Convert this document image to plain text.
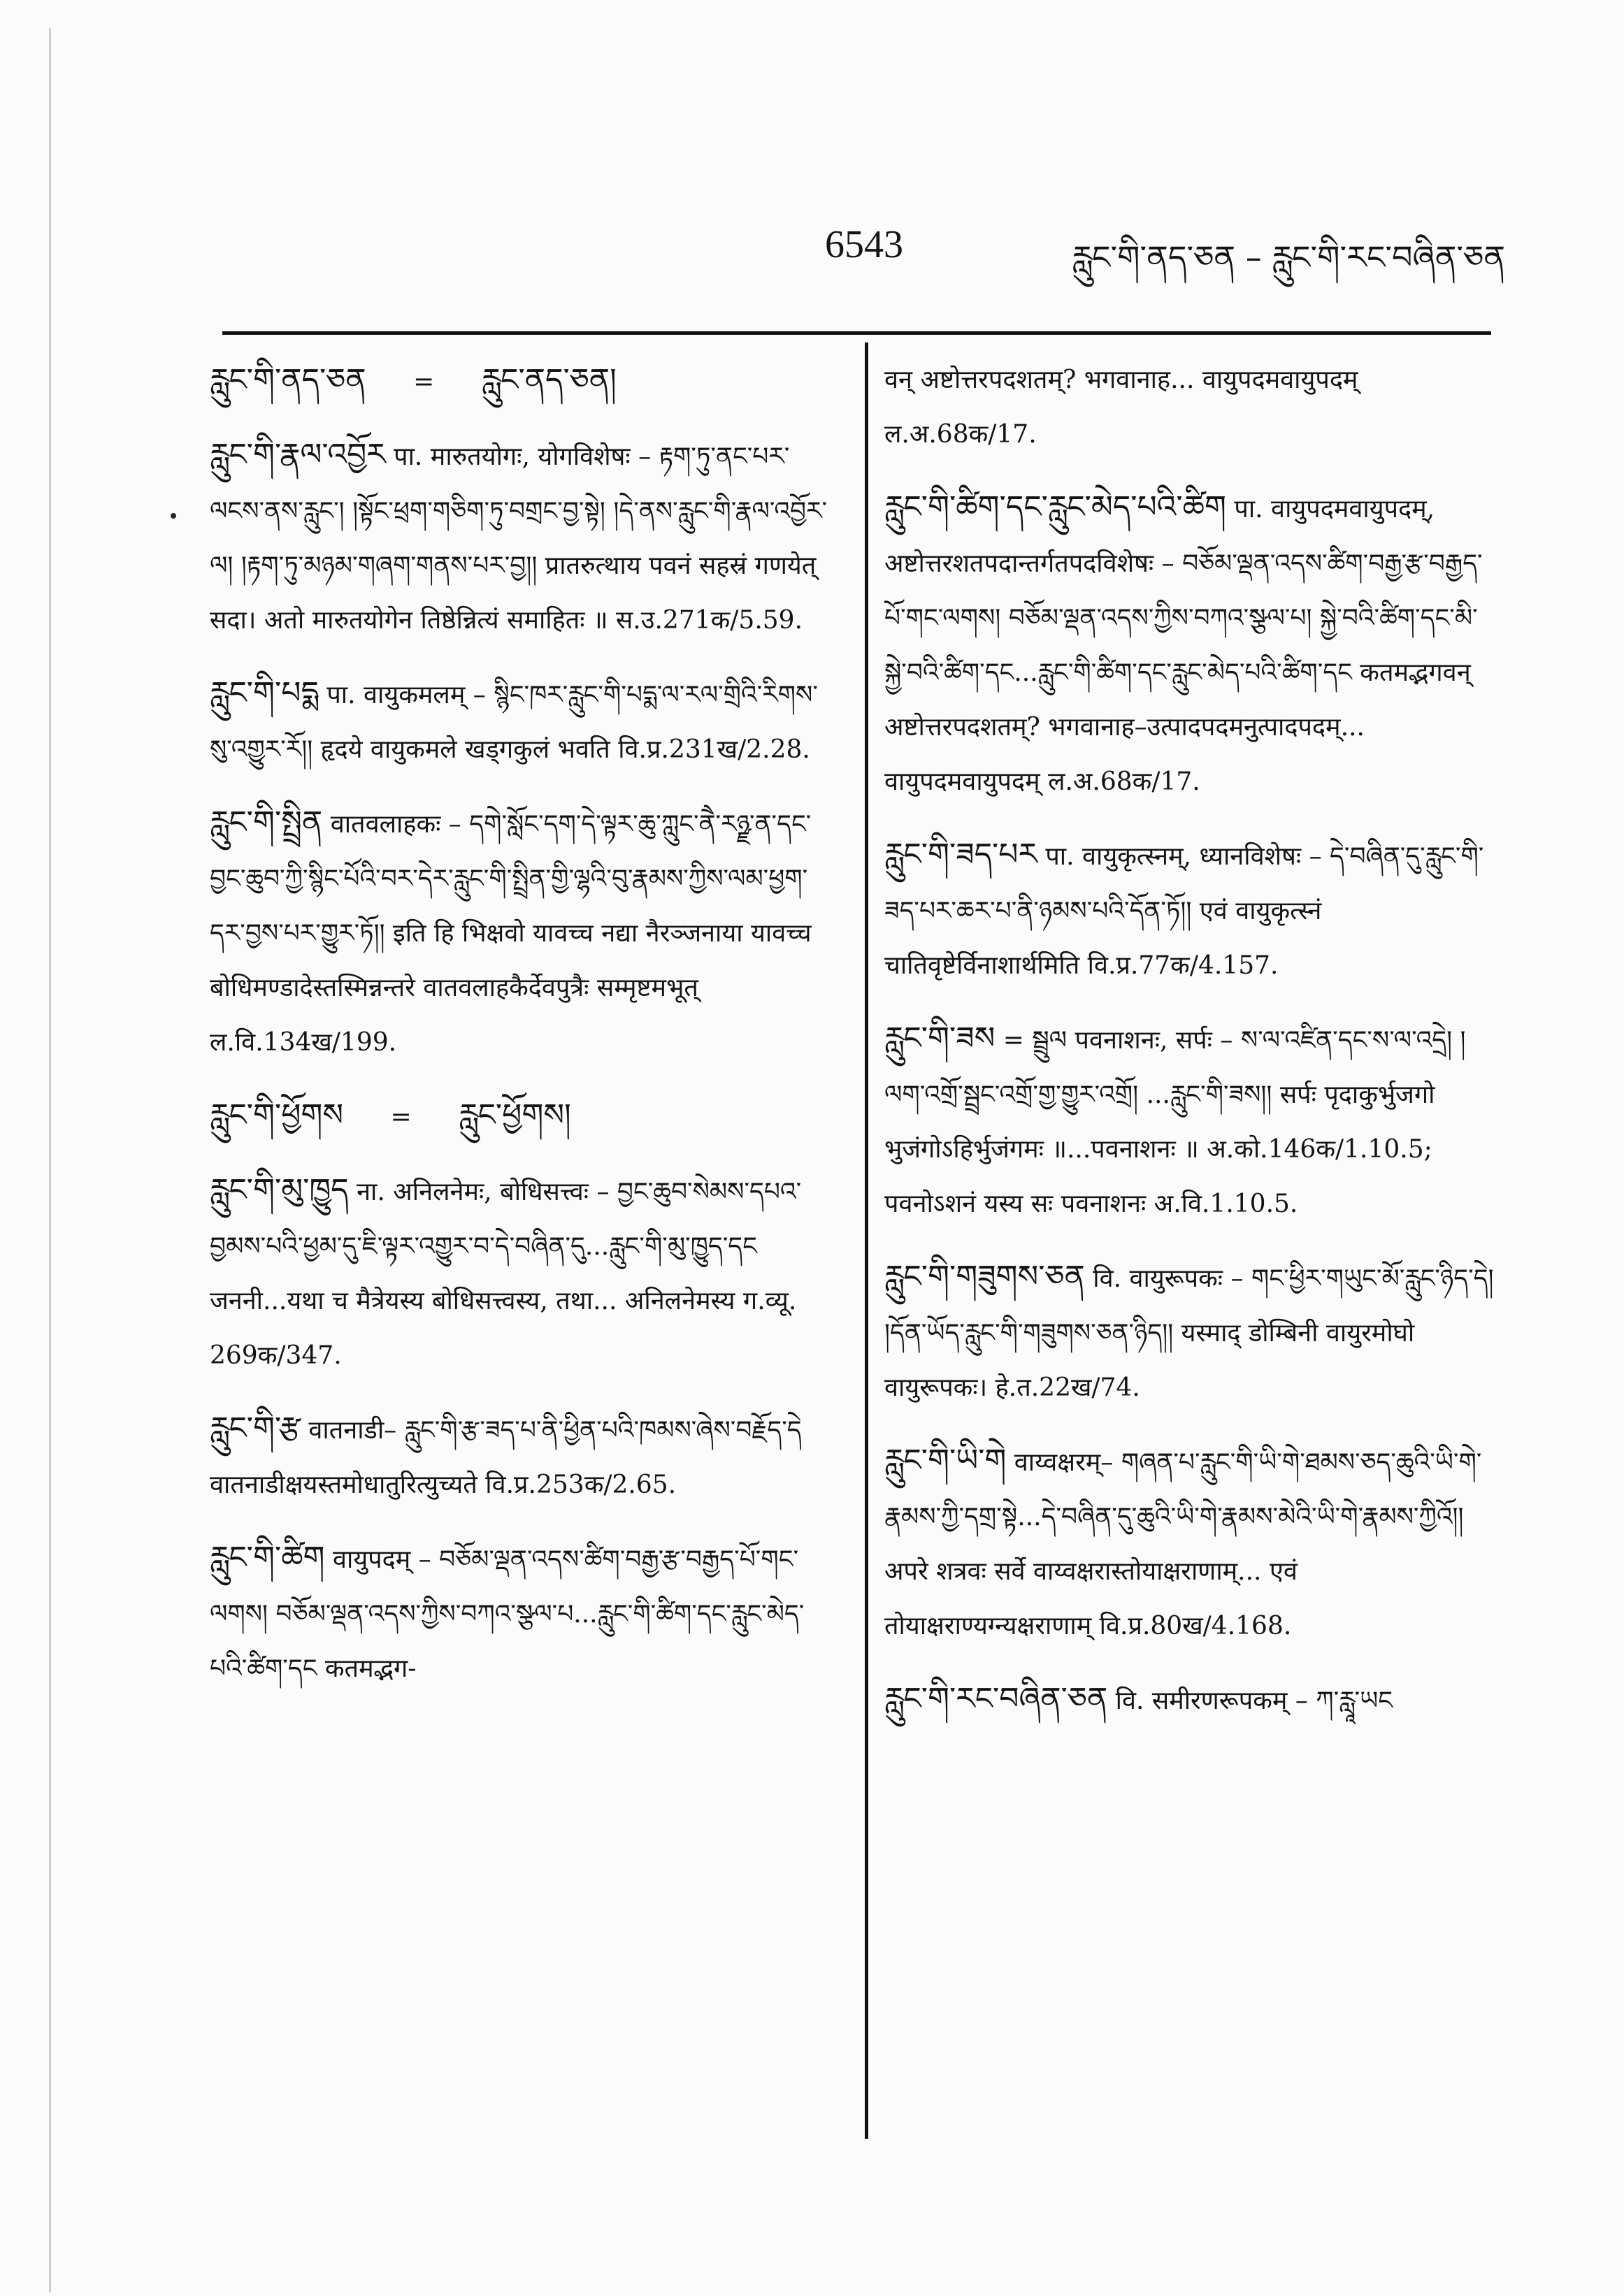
6543	རླུང་གི་ནད་ཅན – རླུང་གི་རང་བཞིན་ཅན
རླུང་གི་ནད་ཅན = རླུང་ནད་ཅན།

རླུང་གི་རྣལ་འབྱོར पा. मारुतयोगः, योगविशेषः – རྟག་ཏུ་ནང་པར་ལངས་ནས་རླུང་། །སྟོང་ཕྲག་གཅིག་ཏུ་བགྲང་བྱ་སྟེ། །དེ་ནས་རླུང་གི་རྣལ་འབྱོར་ལ། །རྟག་ཏུ་མཉམ་གཞག་གནས་པར་བྱ།། प्रातरुत्थाय पवनं सहस्रं गणयेत् सदा। अतो मारुतयोगेन तिष्ठेन्नित्यं समाहितः ॥ स.उ.271क/5.59.

རླུང་གི་པདྨ पा. वायुकमलम् – སྙིང་ཁར་རླུང་གི་པདྨ་ལ་རལ་གྲིའི་རིགས་སུ་འགྱུར་རོ།། हृदये वायुकमले खड्गकुलं भवति वि.प्र.231ख/2.28.

རླུང་གི་སྤྲིན वातवलाहकः – དགེ་སློང་དག་དེ་ལྟར་ཆུ་ཀླུང་ནཻ་རཉྫ་ན་དང་བྱང་ཆུབ་ཀྱི་སྙིང་པོའི་བར་དེར་རླུང་གི་སྤྲིན་གྱི་ལྷའི་བུ་རྣམས་ཀྱིས་ལམ་ཕྱག་དར་བྱས་པར་གྱུར་ཏོ།། इति हि भिक्षवो यावच्च नद्या नैरञ्जनाया यावच्च बोधिमण्डादेस्तस्मिन्नन्तरे वातवलाहकैर्देवपुत्रैः सम्मृष्टमभूत् ल.वि.134ख/199.

རླུང་གི་ཕྱོགས = རླུང་ཕྱོགས།

རླུང་གི་མུ་ཁྱུད ना. अनिलनेमः, बोधिसत्त्वः – བྱང་ཆུབ་སེམས་དཔའ་བྱམས་པའི་ཕྱམ་དུ་ཇི་ལྟར་འགྱུར་བ་དེ་བཞིན་དུ...རླུང་གི་མུ་ཁྱུད་དང जननी...यथा च मैत्रेयस्य बोधिसत्त्वस्य, तथा... अनिलनेमस्य ग.व्यू. 269क/347.

རླུང་གི་རྩ वातनाडी– རླུང་གི་རྩ་ཟད་པ་ནི་ཕྱིན་པའི་ཁམས་ཞེས་བརྗོད་དེ वातनाडीक्षयस्तमोधातुरित्युच्यते वि.प्र.253क/2.65.

རླུང་གི་ཚིག वायुपदम् – བཅོམ་ལྡན་འདས་ཚིག་བརྒྱ་རྩ་བརྒྱད་པོ་གང་ལགས། བཅོམ་ལྡན་འདས་ཀྱིས་བཀའ་སྩལ་པ...རླུང་གི་ཚིག་དང་རླུང་མེད་པའི་ཚིག་དང कतमद्भग-

वन् अष्टोत्तरपदशतम्? भगवानाह... वायुपदमवायुपदम् ल.अ.68क/17.

རླུང་གི་ཚིག་དང་རླུང་མེད་པའི་ཚིག पा. वायुपदमवायुपदम्, अष्टोत्तरशतपदान्तर्गतपदविशेषः – བཅོམ་ལྡན་འདས་ཚིག་བརྒྱ་རྩ་བརྒྱད་པོ་གང་ལགས། བཅོམ་ལྡན་འདས་ཀྱིས་བཀའ་སྩལ་པ། སྐྱེ་བའི་ཚིག་དང་མི་སྐྱེ་བའི་ཚིག་དང...རླུང་གི་ཚིག་དང་རླུང་མེད་པའི་ཚིག་དང कतमद्भगवन् अष्टोत्तरपदशतम्? भगवानाह–उत्पादपदमनुत्पादपदम्... वायुपदमवायुपदम् ल.अ.68क/17.

རླུང་གི་ཟད་པར पा. वायुकृत्स्नम्, ध्यानविशेषः – དེ་བཞིན་དུ་རླུང་གི་ཟད་པར་ཆར་པ་ནི་ཉམས་པའི་དོན་ཏོ།། एवं वायुकृत्स्नं चातिवृष्टेर्विनाशार्थमिति वि.प्र.77क/4.157.

རླུང་གི་ཟས = སྦྲུལ पवनाशनः, सर्पः – ས་ལ་འཛིན་དང་ས་ལ་འདྲེ། །ལག་འགྲོ་སྦྲང་འགྲོ་གྱ་གྱུར་འགྲོ། ...རླུང་གི་ཟས།། सर्पः पृदाकुर्भुजगो भुजंगोऽहिर्भुजंगमः ॥...पवनाशनः ॥ अ.को.146क/1.10.5; पवनोऽशनं यस्य सः पवनाशनः अ.वि.1.10.5.

རླུང་གི་གཟུགས་ཅན वि. वायुरूपकः – གང་ཕྱིར་གཡུང་མོ་རླུང་ཉིད་དེ། །དོན་ཡོད་རླུང་གི་གཟུགས་ཅན་ཉིད།། यस्माद् डोम्बिनी वायुरमोघो वायुरूपकः। हे.त.22ख/74.

རླུང་གི་ཡི་གེ वाय्वक्षरम्– གཞན་པ་རླུང་གི་ཡི་གེ་ཐམས་ཅད་ཆུའི་ཡི་གེ་རྣམས་ཀྱི་དགྲ་སྟེ...དེ་བཞིན་དུ་ཆུའི་ཡི་གེ་རྣམས་མེའི་ཡི་གེ་རྣམས་ཀྱིའོ།། अपरे शत्रवः सर्वे वाय्वक्षरास्तोयाक्षराणाम्... एवं तोयाक्षराण्यग्न्यक्षराणाम् वि.प्र.80ख/4.168.

རླུང་གི་རང་བཞིན་ཅན वि. समीरणरूपकम् – ཀ་རླཱ་ཡང
